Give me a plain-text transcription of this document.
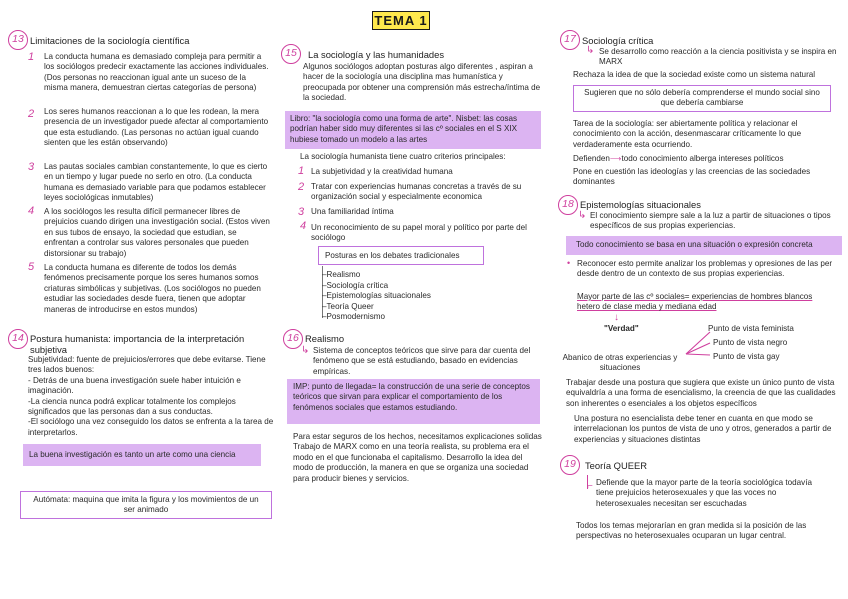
TEMA 1
13 Limitaciones de la sociología científica
1 La conducta humana es demasiado compleja para permitir a los sociólogos predecir exactamente las acciones individuales. (Dos personas no reaccionan igual ante un suceso de la misma manera, demuestran ciertas categorías de persona)

2 Los seres humanos reaccionan a lo que les rodean, la mera presencia de un investigador puede afectar al comportamiento que esta estudiando. (Las personas no actúan igual cuando sienten que les están observando)

3 Las pautas sociales cambian constantemente, lo que es cierto en un tiempo y lugar puede no serlo en otro. (La conducta humana es demasiado variable para que podamos establecer leyes sociológicas inmutables)

4 A los sociólogos les resulta difícil permanecer libres de prejuicios cuando dirigen una investigación social. (Estos viven en sus tubos de ensayo, la sociedad que estudian, se enfrentan a controlar sus valores personales que pueden distorsionar su trabajo)

5 La conducta humana es diferente de todos los demás fenómenos precisamente porque los seres humanos somos criaturas simbólicas y subjetivas. (Los sociólogos no pueden estudiar las sociedades desde fuera, tienen que adoptar maneras de introducirse en estos mundos)

14 Postura humanista: importancia de la interpretación subjetiva

Subjetividad: fuente de prejuicios/errores que debe evitarse. Tiene tres lados buenos:
- Detrás de una buena investigación suele haber intuición e imaginación.
-La ciencia nunca podrá explicar totalmente los complejos significados que las personas dan a sus conductas.
-El sociólogo una vez conseguido los datos se enfrenta a la tarea de interpretarlos.

La buena investigación es tanto un arte como una ciencia
Autómata: maquina que imita la figura y los movimientos de un ser animado
15	La sociología y las humanidades

Algunos sociólogos adoptan posturas algo diferentes , aspiran a hacer de la sociología una disciplina mas humanística y preocupada por obtener una comprensión más estrecha/íntima de la sociedad.

Libro: "la sociología como una forma de arte". Nisbet: las cosas podrían haber sido muy diferentes si las cº sociales en el S XIX hubiese tomado un modelo a las artes

La sociología humanista tiene cuatro criterios principales:

1 La subjetividad y la creatividad humana

2 Tratar con experiencias humanas concretas a través de su organización social y especialmente economica

3 Una familiaridad íntima

4 Un reconocimiento de su papel moral y político por parte del sociólogo

Posturas en los debates tradicionales
–Realismo
–Sociología crítica
–Epistemologías situacionales
–Teoría Queer
–Posmodernismo
16 Realismo
↳ Sistema de conceptos teóricos que sirve para dar cuenta del fenómeno que se está estudiando, basado en evidencias empíricas.

IMP: punto de llegada= la construcción de una serie de conceptos teóricos que sirvan para explicar el comportamiento de los fenómenos sociales que estamos estudiando.

Para estar seguros de los hechos, necesitamos explicaciones solidas
Trabajo de MARX como en una teoría realista, su problema era el modo en el que funcionaba el capitalismo. Desarrollo la idea del modo de producción, la manera en que se organiza una sociedad para producir bienes y servicios.

17 Sociología crítica
↳ Se desarrollo como reacción a la ciencia positivista y se inspira en MARX

Rechaza la idea de que la sociedad existe como un sistema natural

Sugieren que no sólo debería comprenderse el mundo social sino que debería cambiarse

Tarea de la sociología: ser abiertamente política y relacionar el conocimiento con la acción, desenmascarar críticamente lo que verdaderamente esta ocurriendo.

Defienden⟶todo conocimiento alberga intereses políticos

Pone en cuestión las ideologías y las creencias de las sociedades dominantes

18 Epistemologías situacionales
↳ El conocimiento siempre sale a la luz a partir de situaciones o tipos específicos de sus propias experiencias.

Todo conocimiento se basa en una situación o expresión concreta
• Reconocer esto permite analizar los problemas y opresiones de las per desde dentro de un contexto de sus propias experiencias.

Mayor parte de las cº sociales= experiencias de hombres blancos hetero de clase media y mediana edad

↓
"Verdad"	Punto de vista feminista
Punto de vista negro
Punto de vista gay

Abanico de otras experiencias y situaciones

Trabajar desde una postura que sugiera que existe un único punto de vista equivaldría a una forma de esencialismo, la creencia de que las cualidades son inherentes o esenciales a los objetos específicos

Una postura no esencialista debe tener en cuanta en que modo se interrelacionan los puntos de vista de uno y otros, generados a partir de experiencias y situaciones distintas

19 Teoría QUEER
⌐ Defiende que la mayor parte de la teoría sociológica todavía tiene prejuicios heterosexuales y que las voces no heterosexuales necesitan ser escuchadas

Todos los temas mejorarían en gran medida si la posición de las perspectivas no heterosexuales ocuparan un lugar central.
